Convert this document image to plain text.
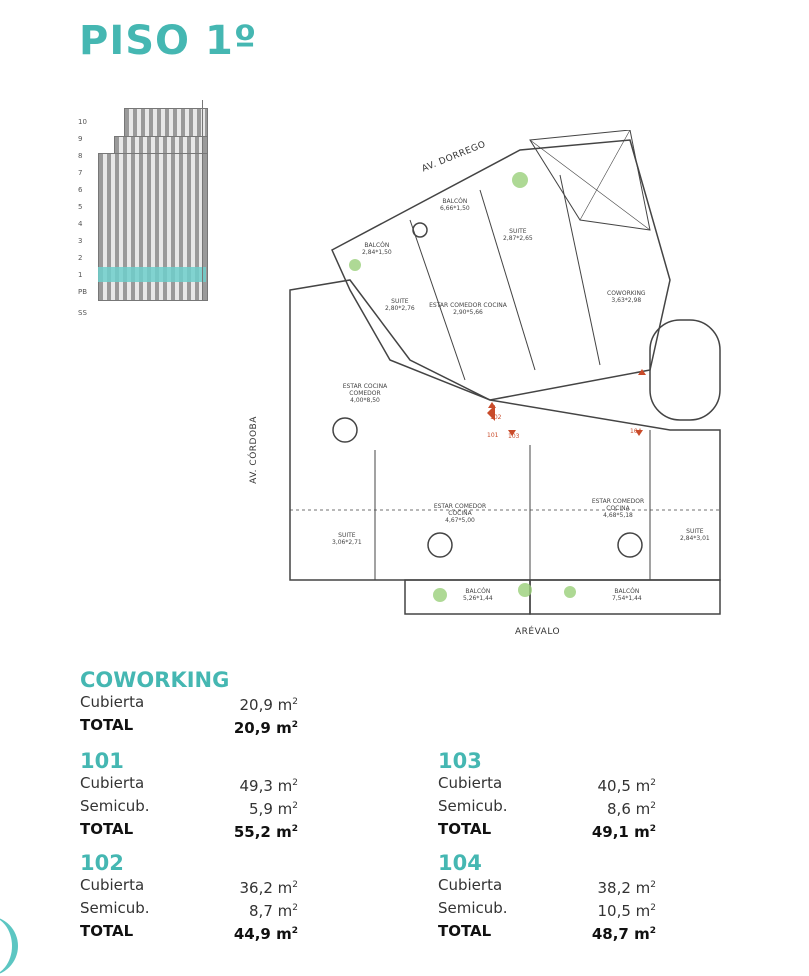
PISO 1º
10
9
8
7
6
5
4
3
2
1
PB
SS
AV. DORREGO
AV. CÓRDOBA
ARÉVALO
BALCÓN
6,66*1,50
BALCÓN
2,84*1,50
SUITE
2,87*2,65
SUITE
2,80*2,76 ESTAR COMEDOR COCINA
2,90*5,66
COWORKING
3,63*2,98
ESTAR COCINA COMEDOR
4,00*8,50
SUITE
3,06*2,71
ESTAR COMEDOR COCINA
4,67*5,00
ESTAR COMEDOR COCINA
4,68*5,18
SUITE
2,84*3,01
BALCÓN
5,26*1,44
BALCÓN
7,54*1,44
101
102
103
104
COWORKING
Cubierta	20,9 $m^2$
TOTAL	20,9 $m^2$
101
Cubierta	49,3 $m^2$
Semicub.	5,9 $m^2$
TOTAL	55,2 $m^2$
102
Cubierta	36,2 $m^2$
Semicub.	8,7 $m^2$
TOTAL	44,9 $m^2$
103
Cubierta	40,5 $m^2$
Semicub.	8,6 $m^2$
TOTAL	49,1 $m^2$
104
Cubierta	38,2 $m^2$
Semicub.	10,5 $m^2$
TOTAL	48,7 $m^2$
